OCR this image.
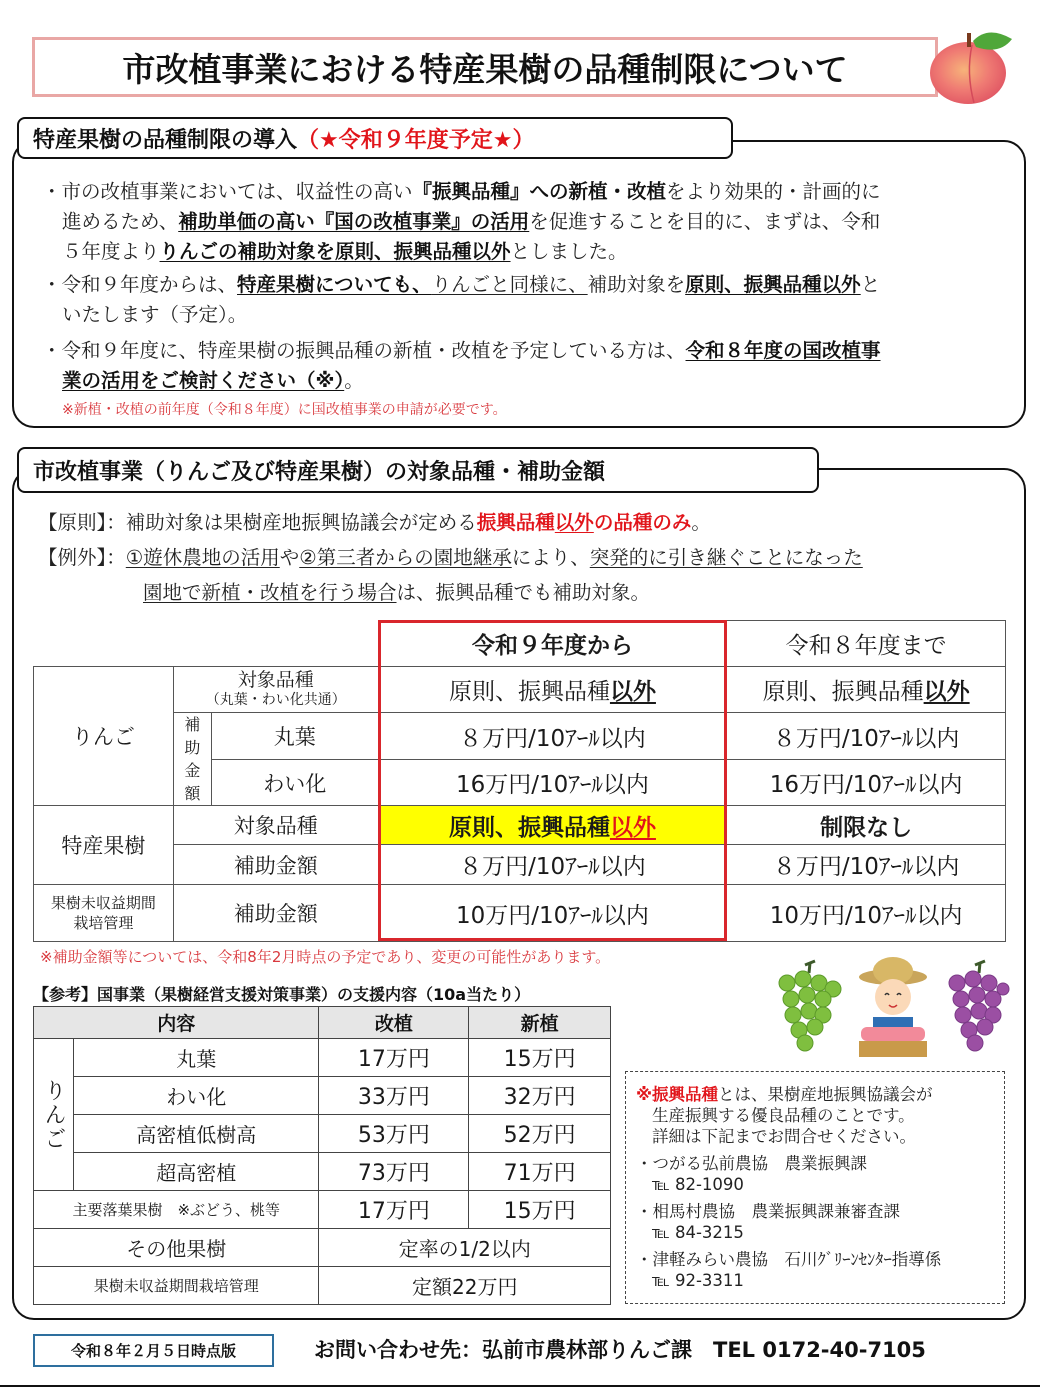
市改植事業における特産果樹の品種制限について
特産果樹の品種制限の導入 （★令和９年度予定★）
・市の改植事業においては、収益性の高い『振興品種』への新植・改植をより効果的・計画的に
進めるため、補助単価の高い『国の改植事業』の活用を促進することを目的に、まずは、令和
５年度よりりんごの補助対象を原則、振興品種以外としました。
・令和９年度からは、特産果樹についても、りんごと同様に、補助対象を原則、振興品種以外と
いたします（予定）。
・令和９年度に、特産果樹の振興品種の新植・改植を予定している方は、令和８年度の国改植事
業の活用をご検討ください（※）。
※新植・改植の前年度（令和８年度）に国改植事業の申請が必要です。
市改植事業（りんご及び特産果樹）の対象品種・補助金額
【原則】：補助対象は果樹産地振興協議会が定める振興品種以外の品種のみ。
【例外】：①遊休農地の活用や②第三者からの園地継承により、突発的に引き継ぐことになった
園地で新植・改植を行う場合は、振興品種でも補助対象。
			令和９年度から	令和８年度まで
りんご	対象品種
（丸葉・わい化共通）		原則、振興品種以外	原則、振興品種以外

	補
助
金
額	丸葉	８万円/10ｱｰﾙ以内	８万円/10ｱｰﾙ以内
		わい化	16万円/10ｱｰﾙ以内	16万円/10ｱｰﾙ以内
特産果樹	対象品種		原則、振興品種以外	制限なし
	補助金額		８万円/10ｱｰﾙ以内	８万円/10ｱｰﾙ以内

果樹未収益期間
栽培管理	補助金額		10万円/10ｱｰﾙ以内	10万円/10ｱｰﾙ以内
※補助金額等については、令和8年2月時点の予定であり、変更の可能性があります。
【参考】国事業（果樹経営支援対策事業）の支援内容（10a当たり）
内容		改植	新植
りんご	丸葉	17万円	15万円
	わい化	33万円	32万円
	高密植低樹高	53万円	52万円
	超高密植	73万円	71万円
主要落葉果樹　※ぶどう、桃等		17万円	15万円
その他果樹		定率の1/2以内	
果樹未収益期間栽培管理		定額22万円	
※振興品種とは、果樹産地振興協議会が
生産振興する優良品種のことです。
詳細は下記までお問合せください。
・つがる弘前農協　農業振興課
℡ 82-1090
・相馬村農協　農業振興課兼審査課
℡ 84-3215
・津軽みらい農協　石川ｸﾞﾘｰﾝｾﾝﾀｰ指導係
℡ 92-3311
令和８年２月５日時点版	お問い合わせ先：弘前市農林部りんご課　TEL 0172-40-7105
